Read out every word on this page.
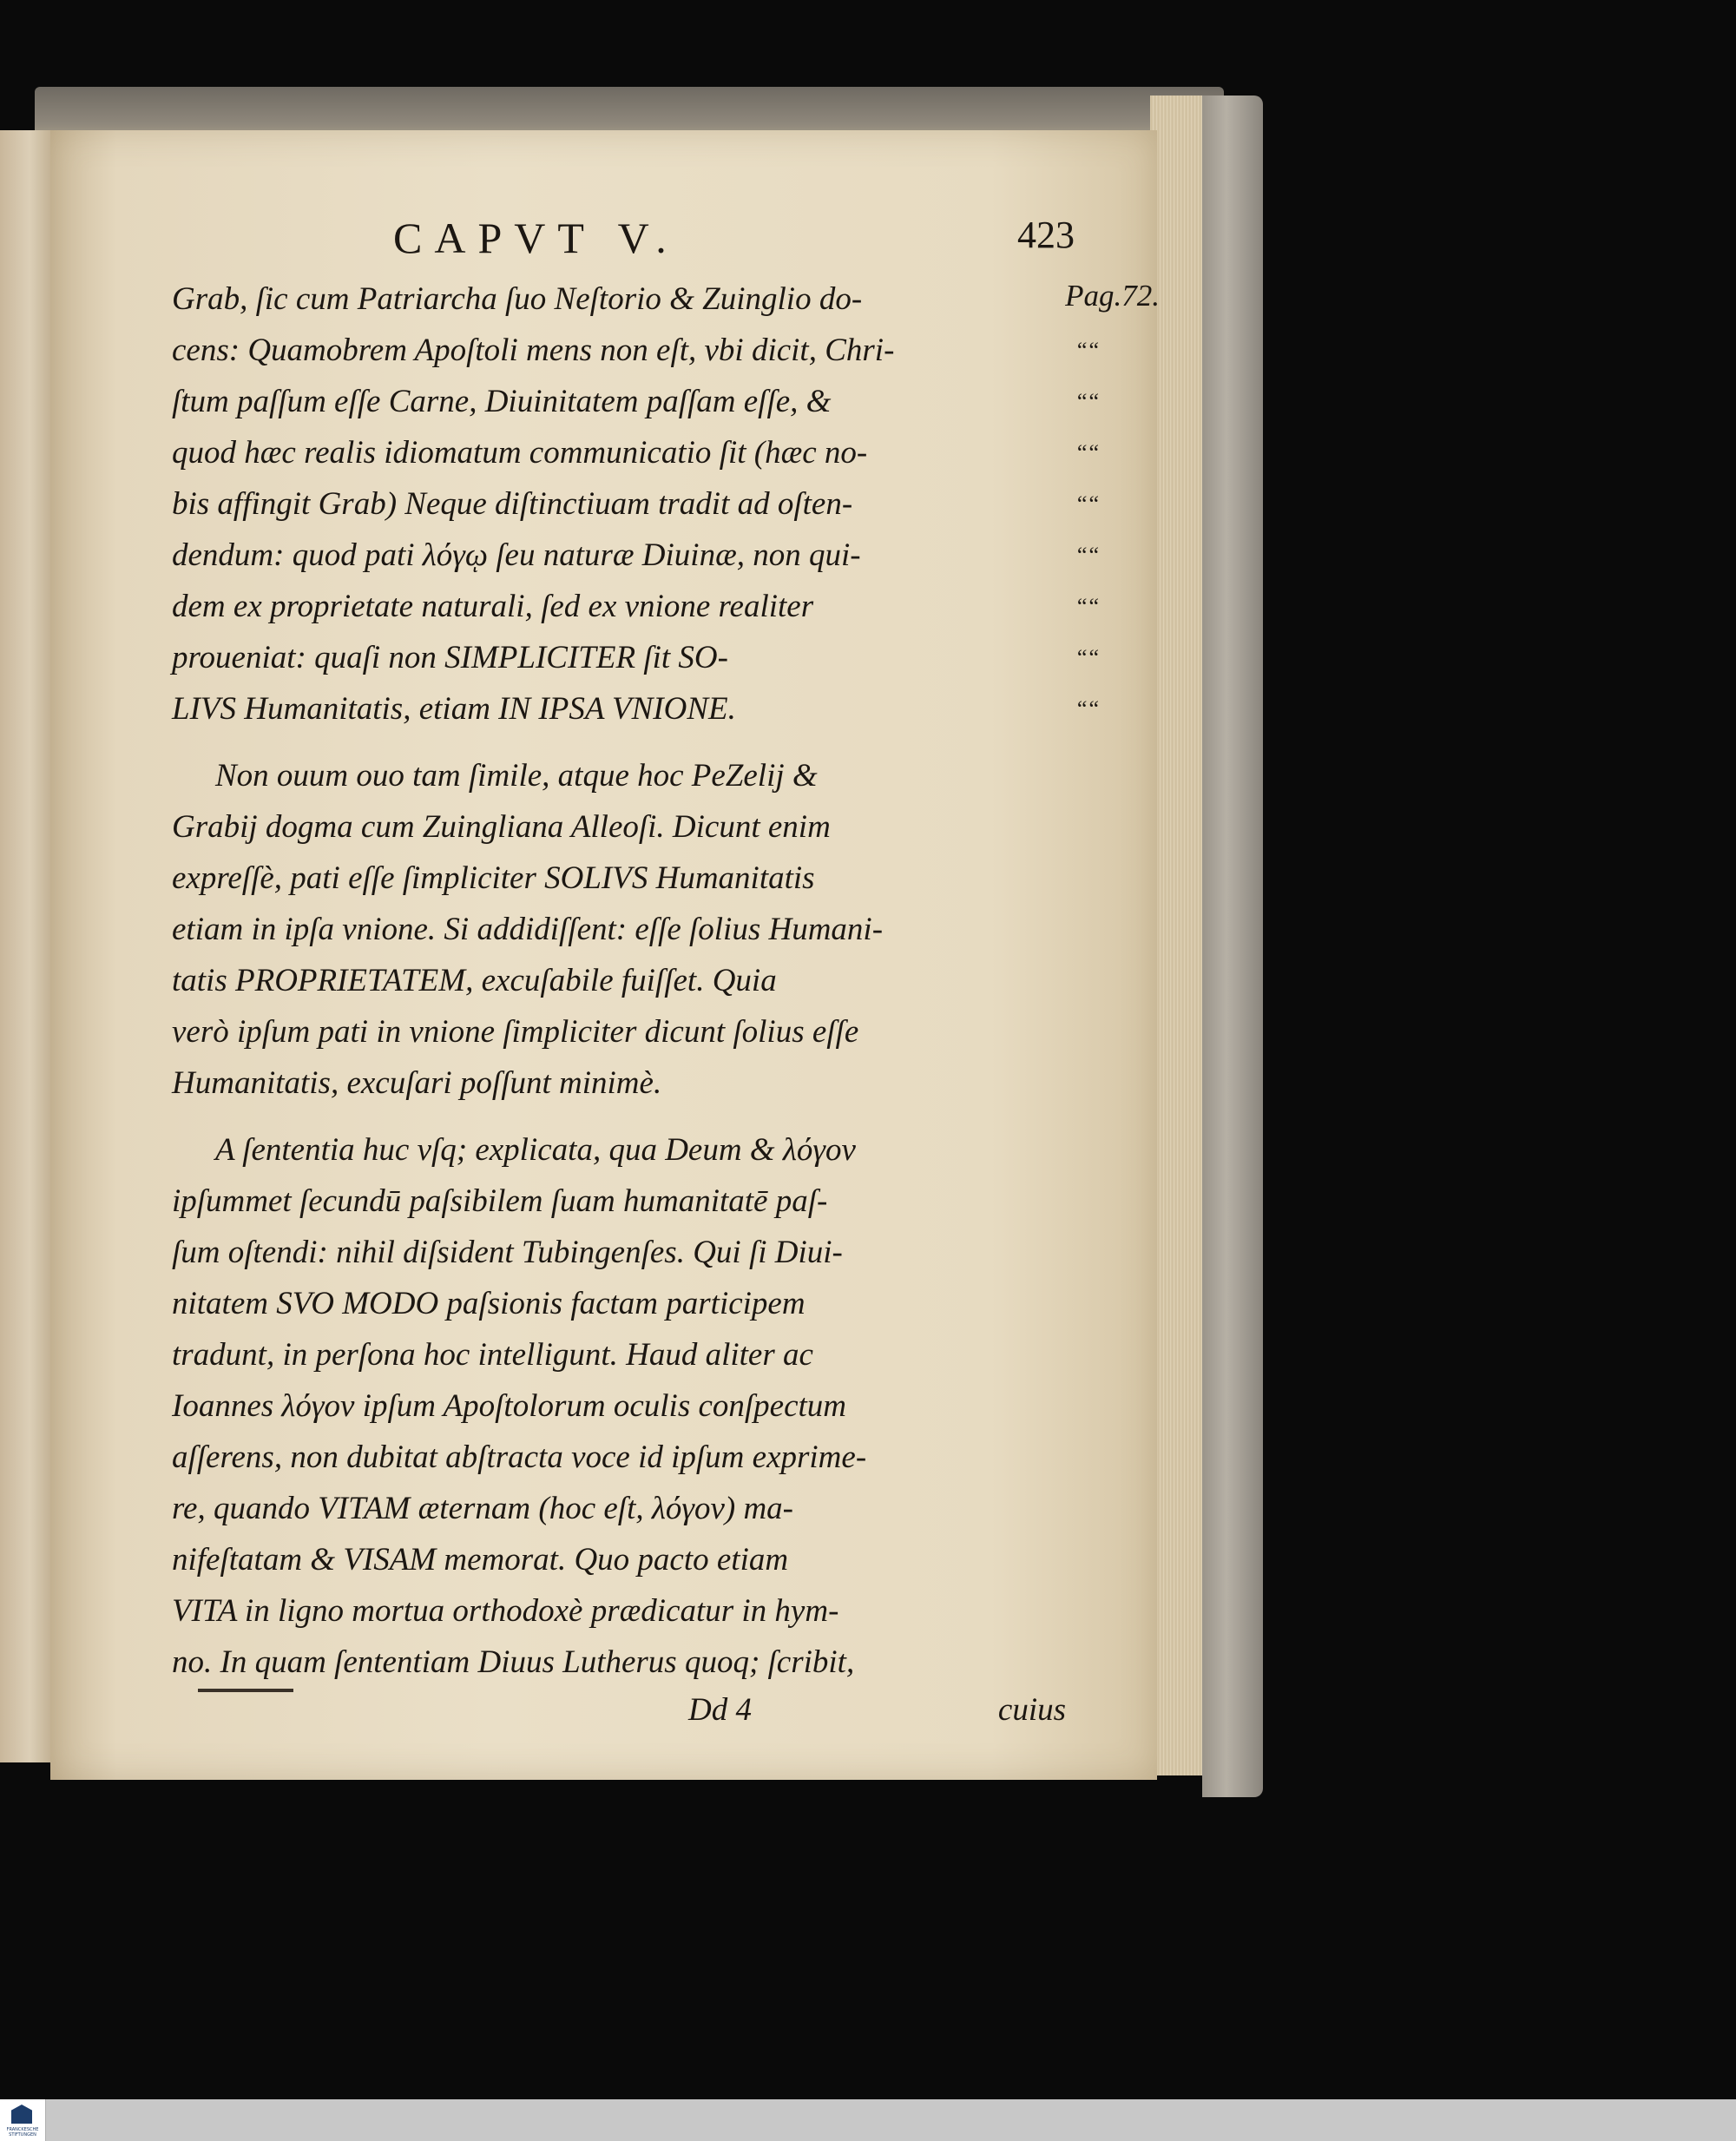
CAPVT V.	423
Grab, ſic cum Patriarcha ſuo Neſtorio & Zuinglio do-	Pag.72.
cens: Quamobrem Apoſtoli mens non eſt, vbi dicit, Chri-	““
ſtum paſſum eſſe Carne, Diuinitatem paſſam eſſe, &	““
quod hæc realis idiomatum communicatio ſit (hæc no-	““
bis affingit Grab) Neque diſtinctiuam tradit ad oſten-	““
dendum: quod pati λόγῳ ſeu naturæ Diuinæ, non qui-	““
dem ex proprietate naturali, ſed ex vnione realiter	““
proueniat: quaſi non SIMPLICITER ſit SO-	““
LIVS Humanitatis, etiam IN IPSA VNIONE.	““
Non ouum ouo tam ſimile, atque hoc PeZelij &
Grabij dogma cum Zuingliana Alleoſi. Dicunt enim
expreſſè, pati eſſe ſimpliciter SOLIVS Humanitatis
etiam in ipſa vnione. Si addidiſſent: eſſe ſolius Humani-
tatis PROPRIETATEM, excuſabile fuiſſet. Quia
verò ipſum pati in vnione ſimpliciter dicunt ſolius eſſe
Humanitatis, excuſari poſſunt minimè.
A ſententia huc vſq; explicata, qua Deum & λόγον
ipſummet ſecundū paſsibilem ſuam humanitatē paſ-
ſum oſtendi: nihil diſsident Tubingenſes. Qui ſi Diui-
nitatem SVO MODO paſsionis factam participem
tradunt, in perſona hoc intelligunt. Haud aliter ac
Ioannes λόγον ipſum Apoſtolorum oculis conſpectum
aſſerens, non dubitat abſtracta voce id ipſum exprime-
re, quando VITAM æternam (hoc eſt, λόγον) ma-
nifeſtatam & VISAM memorat. Quo pacto etiam
VITA in ligno mortua orthodoxè prædicatur in hym-
no. In quam ſententiam Diuus Lutherus quoq; ſcribit,
Dd 4	cuius
FRANCKESCHE
STIFTUNGEN
